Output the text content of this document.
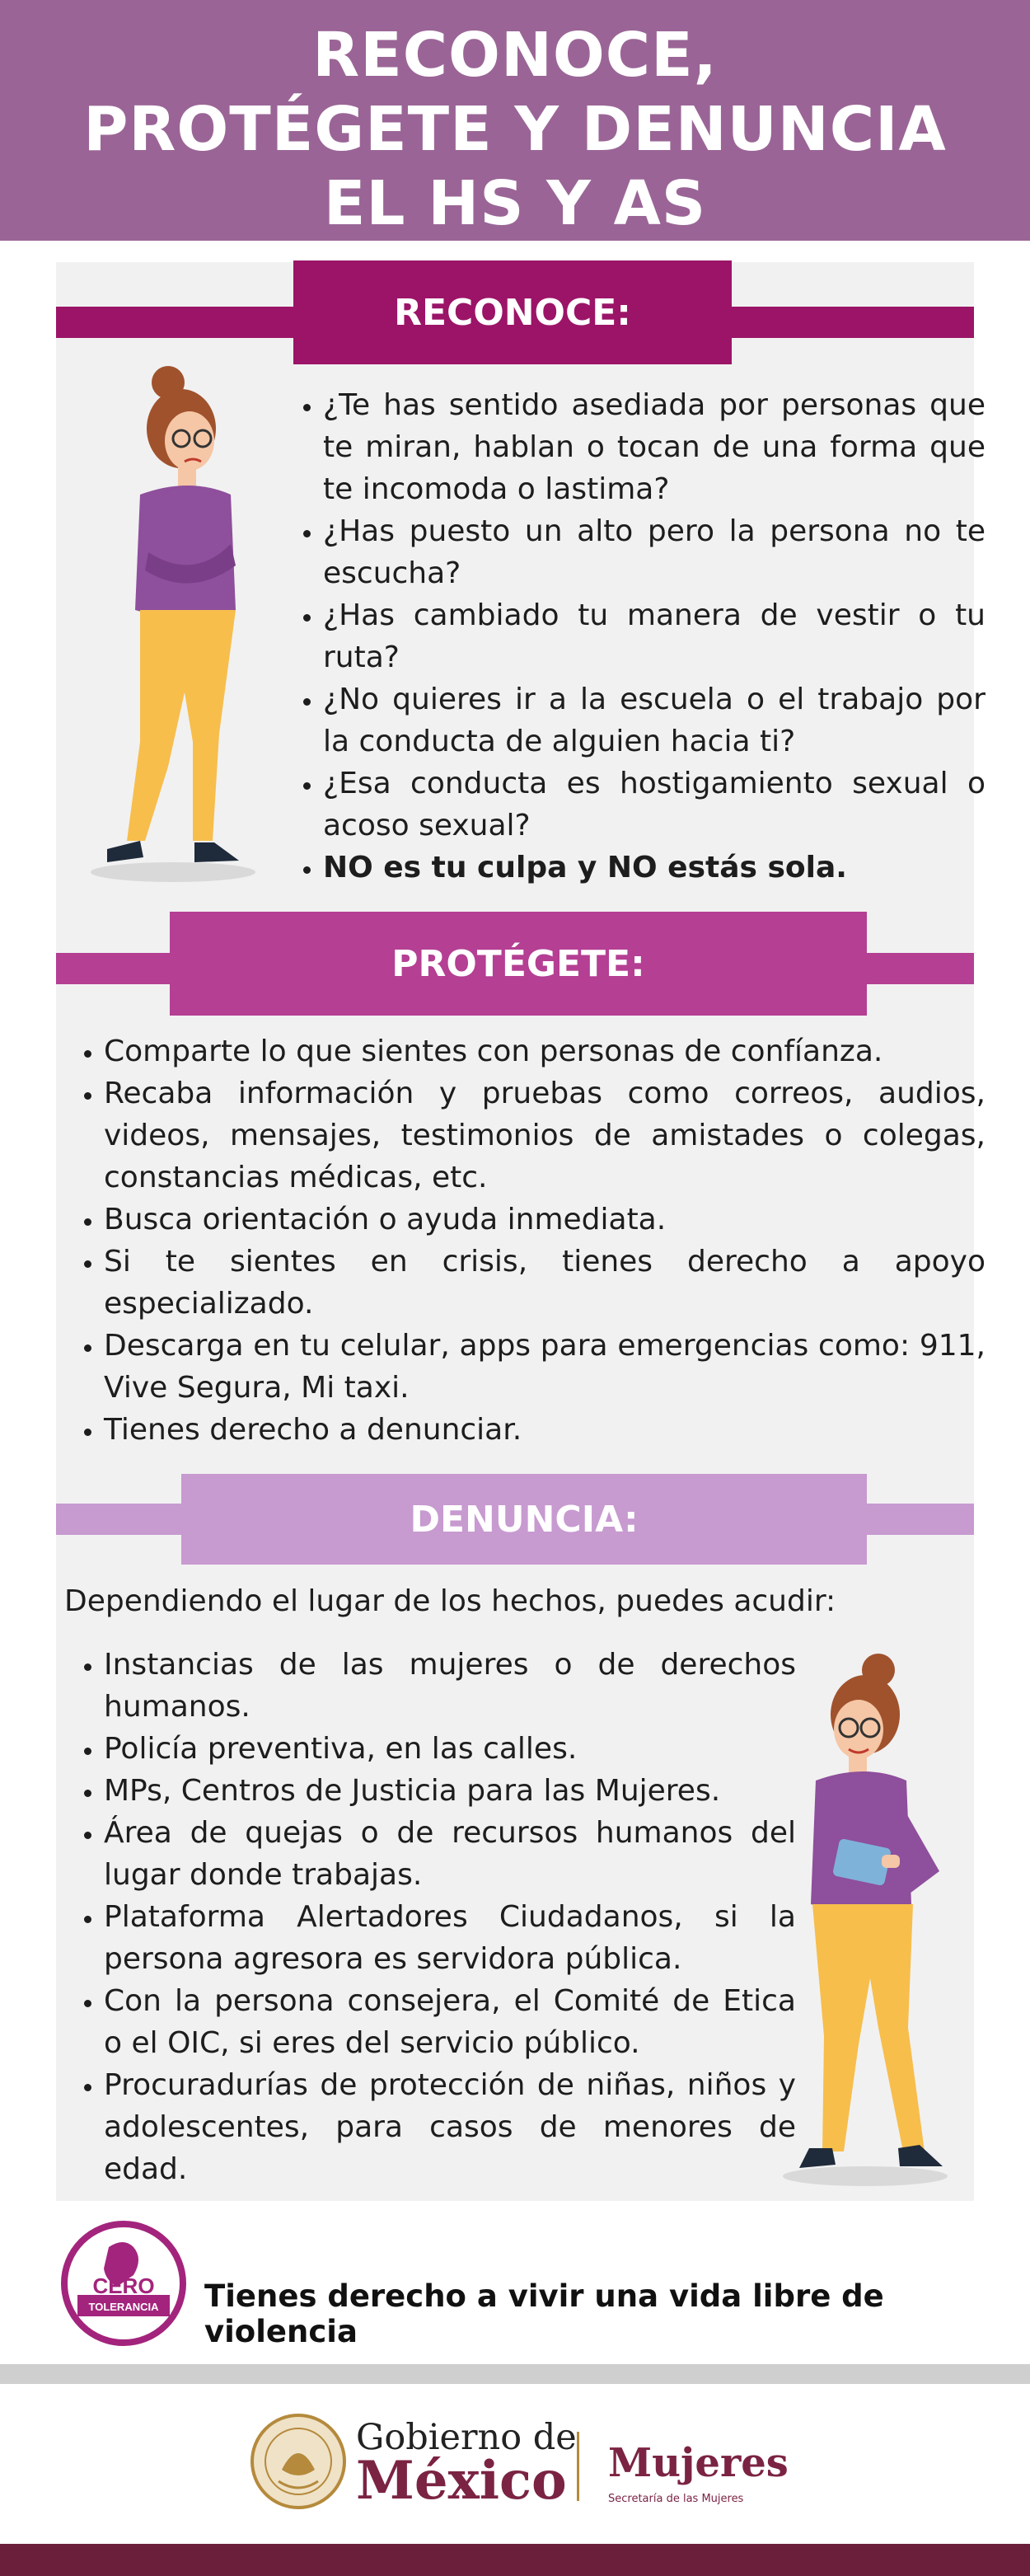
RECONOCE,
PROTÉGETE Y DENUNCIA
EL HS Y AS
RECONOCE:
• ¿Te has sentido asediada por personas que te miran, hablan o tocan de una forma que te incomoda o lastima?
• ¿Has puesto un alto pero la persona no te escucha?
• ¿Has cambiado tu manera de vestir o tu ruta?
• ¿No quieres ir a la escuela o el trabajo por la conducta de alguien hacia ti?
• ¿Esa conducta es hostigamiento sexual o acoso sexual?
• NO es tu culpa y NO estás sola.
PROTÉGETE:
• Comparte lo que sientes con personas de confíanza.
• Recaba información y pruebas como correos, audios, videos, mensajes, testimonios de amistades o colegas, constancias médicas, etc.
• Busca orientación o ayuda inmediata.
• Si te sientes en crisis, tienes derecho a apoyo especializado.
• Descarga en tu celular, apps para emergencias como: 911, Vive Segura, Mi taxi.
• Tienes derecho a denunciar.
DENUNCIA:
Dependiendo el lugar de los hechos, puedes acudir:
• Instancias de las mujeres o de derechos humanos.
• Policía preventiva, en las calles.
• MPs, Centros de Justicia para las Mujeres.
• Área de quejas o de recursos humanos del lugar donde trabajas.
• Plataforma Alertadores Ciudadanos, si la persona agresora es servidora pública.
• Con la persona consejera, el Comité de Etica o el OIC, si eres del servicio público.
• Procuradurías de protección de niñas, niños y adolescentes, para casos de menores de edad.
CERO
TOLERANCIA Tienes derecho a vivir una vida libre de violencia
Gobierno de
México Mujeres
Secretaría de las Mujeres
